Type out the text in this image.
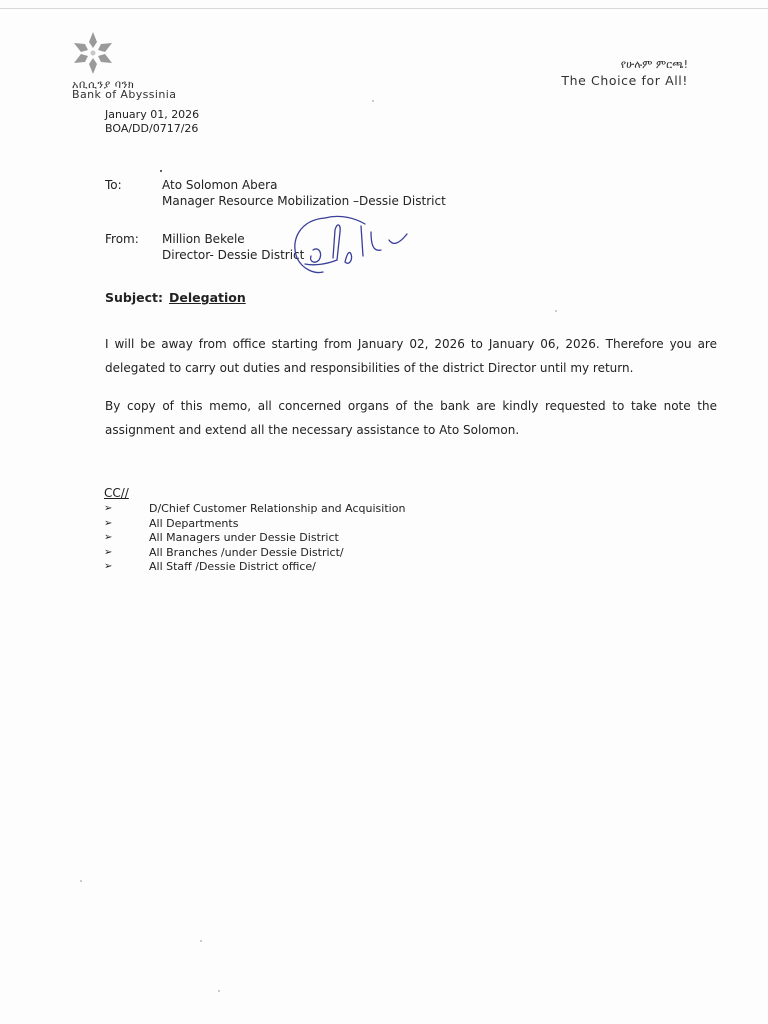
አቢሲንያ ባንክ
Bank of Abyssinia
የሁሉም ምርጫ!
The Choice for All!
January 01, 2026
BOA/DD/0717/26
To:	Ato Solomon Abera
Manager Resource Mobilization –Dessie District
From: Million Bekele
Director- Dessie District
Subject: Delegation
I will be away from office starting from January 02, 2026 to January 06, 2026. Therefore you are delegated to carry out duties and responsibilities of the district Director until my return.
By copy of this memo, all concerned organs of the bank are kindly requested to take note the assignment and extend all the necessary assistance to Ato Solomon.
CC//
➢	D/Chief Customer Relationship and Acquisition
➢	All Departments
➢	All Managers under Dessie District
➢	All Branches /under Dessie District/
➢	All Staff /Dessie District office/
